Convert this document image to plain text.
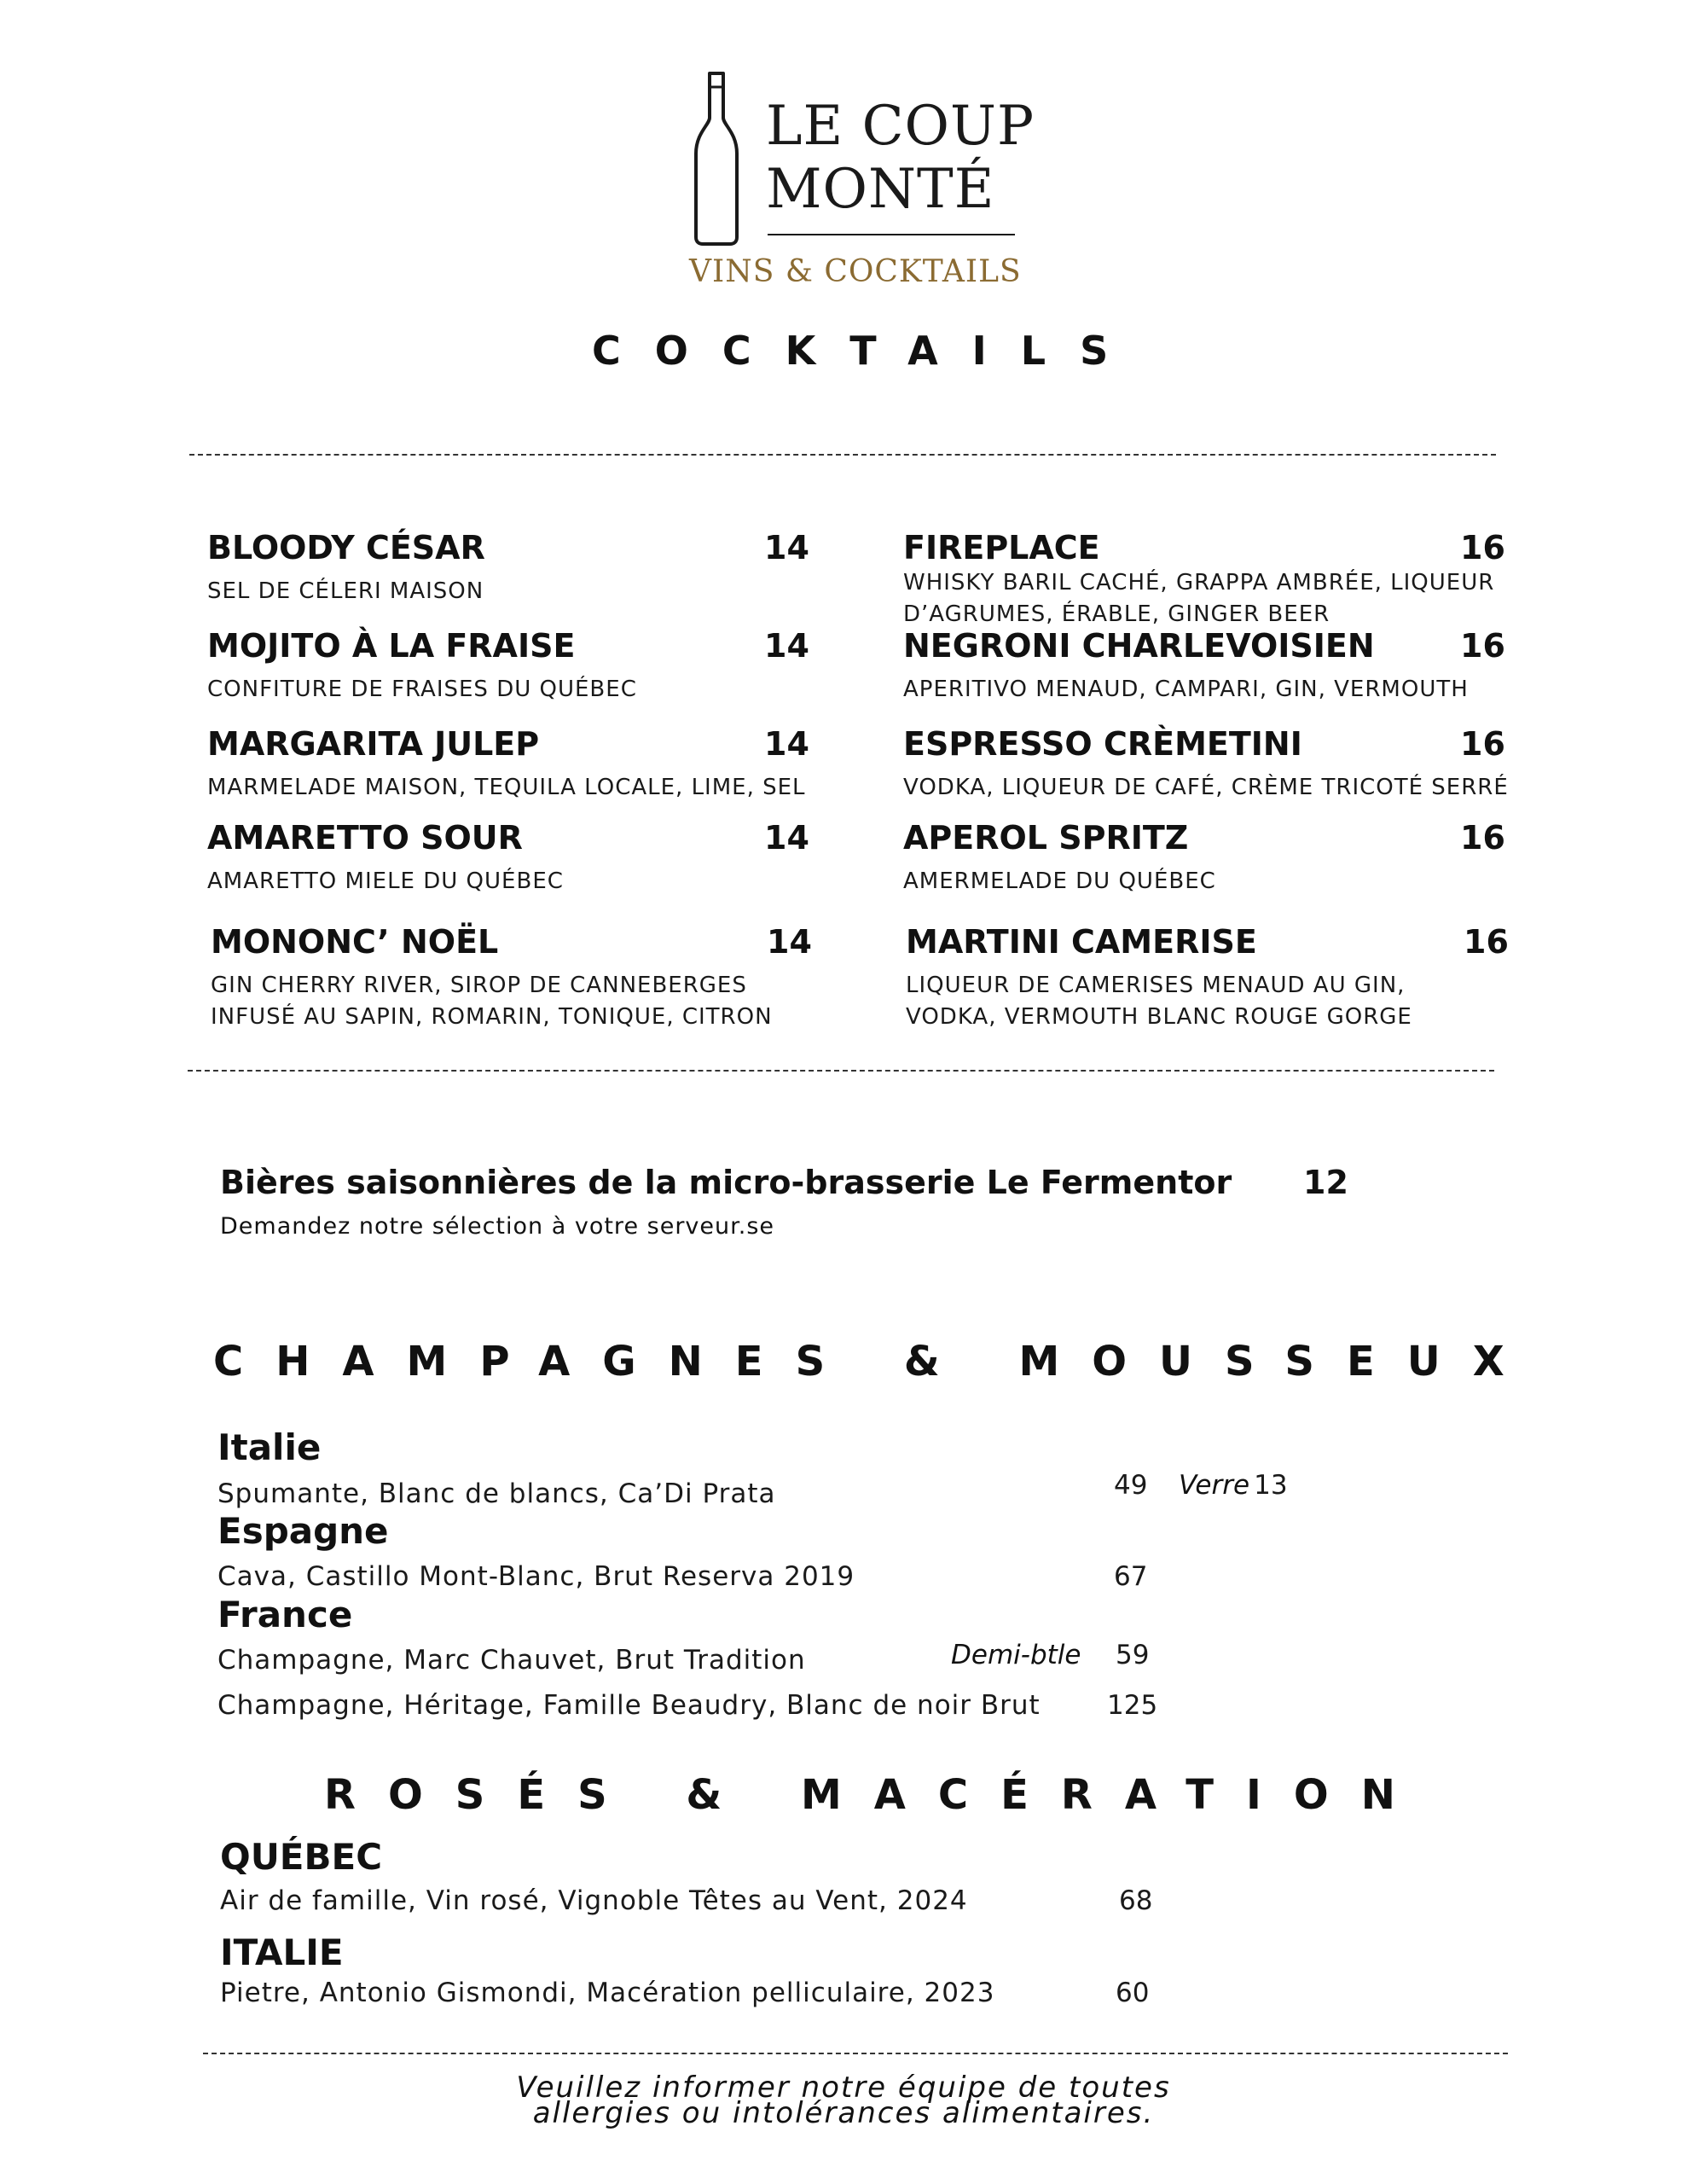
LE COUP
MONTÉ
VINS & COCKTAILS
COCKTAILS
BLOODY CÉSAR	14
SEL DE CÉLERI MAISON
MOJITO À LA FRAISE	14
CONFITURE DE FRAISES DU QUÉBEC
MARGARITA JULEP	14
MARMELADE MAISON, TEQUILA LOCALE, LIME, SEL
AMARETTO SOUR	14
AMARETTO MIELE DU QUÉBEC
MONONC’ NOËL	14
GIN CHERRY RIVER, SIROP DE CANNEBERGES
INFUSÉ AU SAPIN, ROMARIN, TONIQUE, CITRON
FIREPLACE	16
WHISKY BARIL CACHÉ, GRAPPA AMBRÉE, LIQUEUR
D’AGRUMES, ÉRABLE, GINGER BEER
NEGRONI CHARLEVOISIEN	16
APERITIVO MENAUD, CAMPARI, GIN, VERMOUTH
ESPRESSO CRÈMETINI	16
VODKA, LIQUEUR DE CAFÉ, CRÈME TRICOTÉ SERRÉ
APEROL SPRITZ	16
AMERMELADE DU QUÉBEC
MARTINI CAMERISE	16
LIQUEUR DE CAMERISES MENAUD AU GIN,
VODKA, VERMOUTH BLANC ROUGE GORGE
Bières saisonnières de la micro-brasserie Le Fermentor 12
Demandez notre sélection à votre serveur.se
CHAMPAGNES & MOUSSEUX
Italie
Spumante, Blanc de blancs, Ca’Di Prata	49 Verre 13
Espagne
Cava, Castillo Mont-Blanc, Brut Reserva 2019	67
France
Champagne, Marc Chauvet, Brut Tradition	Demi-btle 59
Champagne, Héritage, Famille Beaudry, Blanc de noir Brut	125
ROSÉS & MACÉRATION
QUÉBEC
Air de famille, Vin rosé, Vignoble Têtes au Vent, 2024	68
ITALIE
Pietre, Antonio Gismondi, Macération pelliculaire, 2023	60
Veuillez informer notre équipe de toutes
allergies ou intolérances alimentaires.
